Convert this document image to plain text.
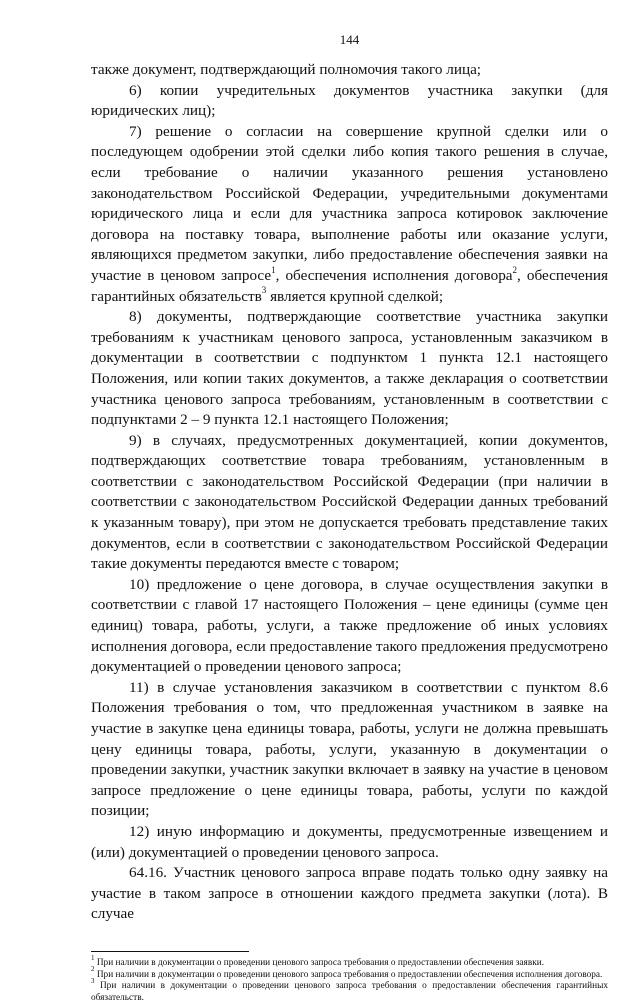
144

также документ, подтверждающий полномочия такого лица;

6) копии учредительных документов участника закупки (для юридических лиц);

7) решение о согласии на совершение крупной сделки или о последующем одобрении этой сделки либо копия такого решения в случае, если требование о наличии указанного решения установлено законодательством Российской Федерации, учредительными документами юридического лица и если для участника запроса котировок заключение договора на поставку товара, выполнение работы или оказание услуги, являющихся предметом закупки, либо предоставление обеспечения заявки на участие в ценовом запросе$^1$, обеспечения исполнения договора$^2$, обеспечения гарантийных обязательств$^3$ является крупной сделкой;

8) документы, подтверждающие соответствие участника закупки требованиям к участникам ценового запроса, установленным заказчиком в документации в соответствии с подпунктом 1 пункта 12.1 настоящего Положения, или копии таких документов, а также декларация о соответствии участника ценового запроса требованиям, установленным в соответствии с подпунктами 2 – 9 пункта 12.1 настоящего Положения;

9) в случаях, предусмотренных документацией, копии документов, подтверждающих соответствие товара требованиям, установленным в соответствии с законодательством Российской Федерации (при наличии в соответствии с законодательством Российской Федерации данных требований к указанным товару), при этом не допускается требовать представление таких документов, если в соответствии с законодательством Российской Федерации такие документы передаются вместе с товаром;

10) предложение о цене договора, в случае осуществления закупки в соответствии с главой 17 настоящего Положения – цене единицы (сумме цен единиц) товара, работы, услуги, а также предложение об иных условиях исполнения договора, если предоставление такого предложения предусмотрено документацией о проведении ценового запроса;

11) в случае установления заказчиком в соответствии с пунктом 8.6 Положения требования о том, что предложенная участником в заявке на участие в закупке цена единицы товара, работы, услуги не должна превышать цену единицы товара, работы, услуги, указанную в документации о проведении закупки, участник закупки включает в заявку на участие в ценовом запросе предложение о цене единицы товара, работы, услуги по каждой позиции;

12) иную информацию и документы, предусмотренные извещением и (или) документацией о проведении ценового запроса.

64.16. Участник ценового запроса вправе подать только одну заявку на участие в таком запросе в отношении каждого предмета закупки (лота). В случае

$^1$ При наличии в документации о проведении ценового запроса требования о предоставлении обеспечения заявки.

$^2$ При наличии в документации о проведении ценового запроса требования о предоставлении обеспечения исполнения договора.

$^3$ При наличии в документации о проведении ценового запроса требования о предоставлении обеспечения гарантийных обязательств.
